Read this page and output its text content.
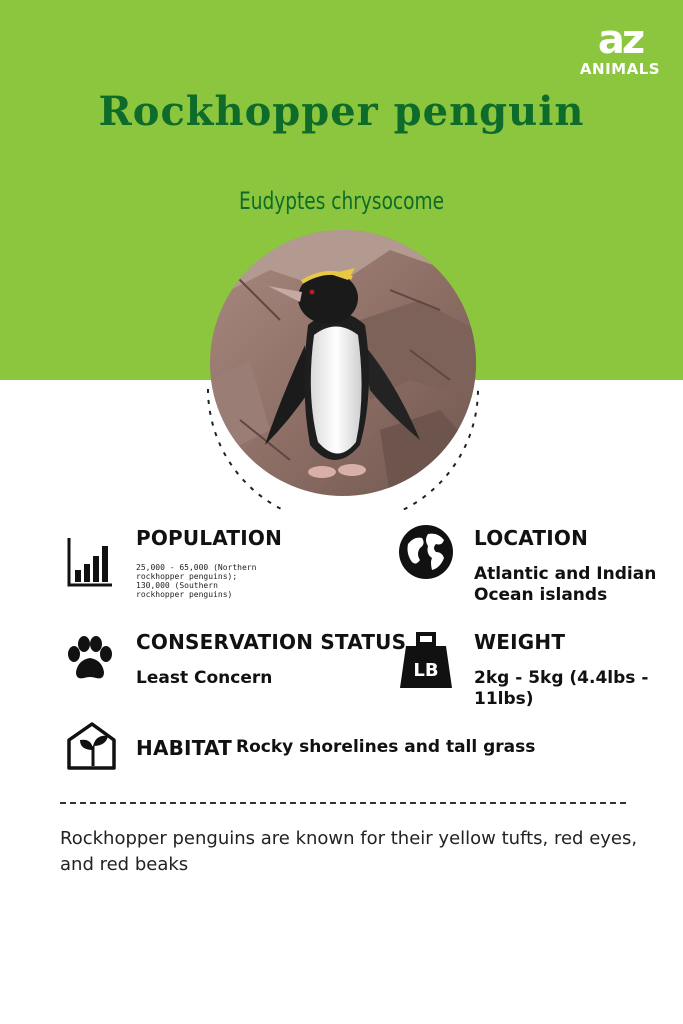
az
ANIMALS
Rockhopper penguin
Eudyptes chrysocome
POPULATION
25,000 - 65,000 (Northern rockhopper penguins); 130,000 (Southern rockhopper penguins)
LOCATION
Atlantic and Indian Ocean islands
CONSERVATION STATUS
Least Concern	LB
WEIGHT
2kg - 5kg (4.4lbs - 11lbs)
HABITAT Rocky shorelines and tall grass
Rockhopper penguins are known for their yellow tufts, red eyes, and red beaks
